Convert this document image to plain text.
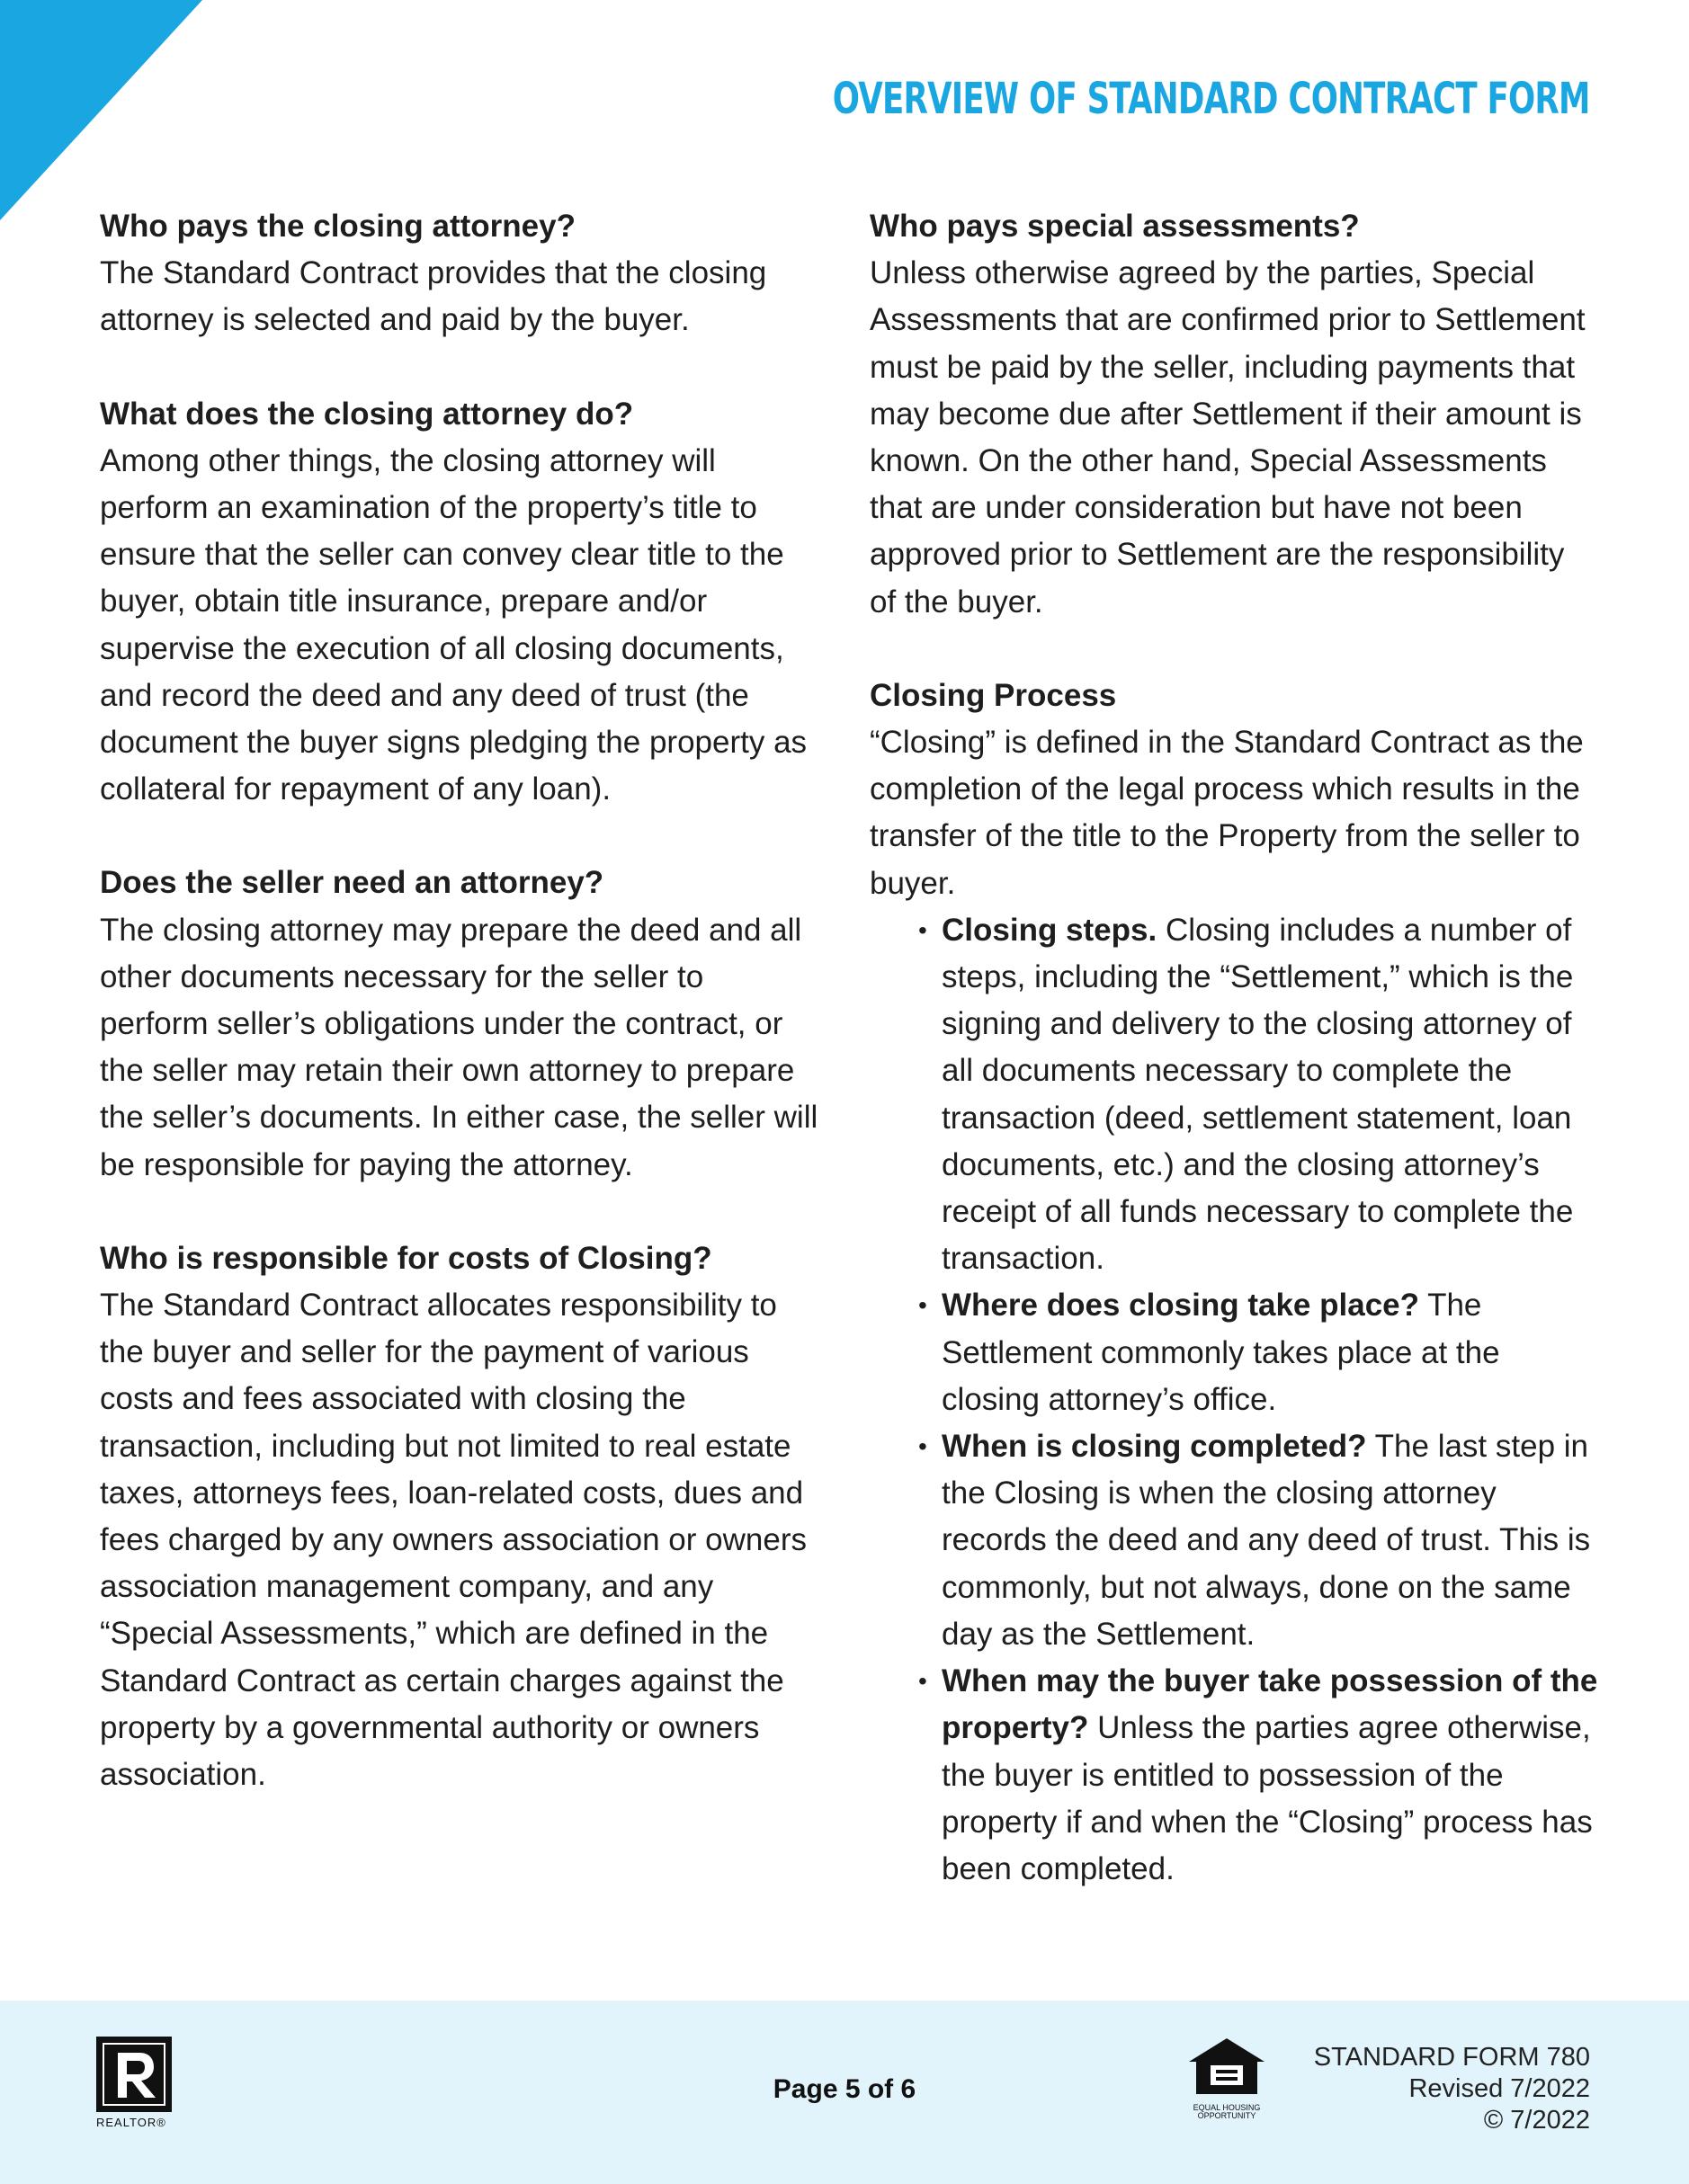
OVERVIEW OF STANDARD CONTRACT FORM
Who pays the closing attorney?

The Standard Contract provides that the closing attorney is selected and paid by the buyer.

What does the closing attorney do?

Among other things, the closing attorney will perform an examination of the property’s title to ensure that the seller can convey clear title to the buyer, obtain title insurance, prepare and/or supervise the execution of all closing documents, and record the deed and any deed of trust (the document the buyer signs pledging the property as collateral for repayment of any loan).

Does the seller need an attorney?

The closing attorney may prepare the deed and all other documents necessary for the seller to perform seller’s obligations under the contract, or the seller may retain their own attorney to prepare the seller’s documents. In either case, the seller will be responsible for paying the attorney.

Who is responsible for costs of Closing?

The Standard Contract allocates responsibility to the buyer and seller for the payment of various costs and fees associated with closing the transaction, including but not limited to real estate taxes, attorneys fees, loan-related costs, dues and fees charged by any owners association or owners association management company, and any “Special Assessments,” which are defined in the Standard Contract as certain charges against the property by a governmental authority or owners association.

Who pays special assessments?

Unless otherwise agreed by the parties, Special Assessments that are confirmed prior to Settlement must be paid by the seller, including payments that may become due after Settlement if their amount is known. On the other hand, Special Assessments that are under consideration but have not been approved prior to Settlement are the responsibility of the buyer.

Closing Process

“Closing” is defined in the Standard Contract as the completion of the legal process which results in the transfer of the title to the Property from the seller to buyer.

• Closing steps. Closing includes a number of steps, including the “Settlement,” which is the signing and delivery to the closing attorney of all documents necessary to complete the transaction (deed, settlement statement, loan documents, etc.) and the closing attorney’s receipt of all funds necessary to complete the transaction.
• Where does closing take place? The Settlement commonly takes place at the closing attorney’s office.
• When is closing completed? The last step in the Closing is when the closing attorney records the deed and any deed of trust. This is commonly, but not always, done on the same day as the Settlement.
• When may the buyer take possession of the property? Unless the parties agree otherwise, the buyer is entitled to possession of the property if and when the “Closing” process has been completed.
REALTOR®
Page 5 of 6
EQUAL HOUSING OPPORTUNITY
STANDARD FORM 780
Revised 7/2022
© 7/2022
